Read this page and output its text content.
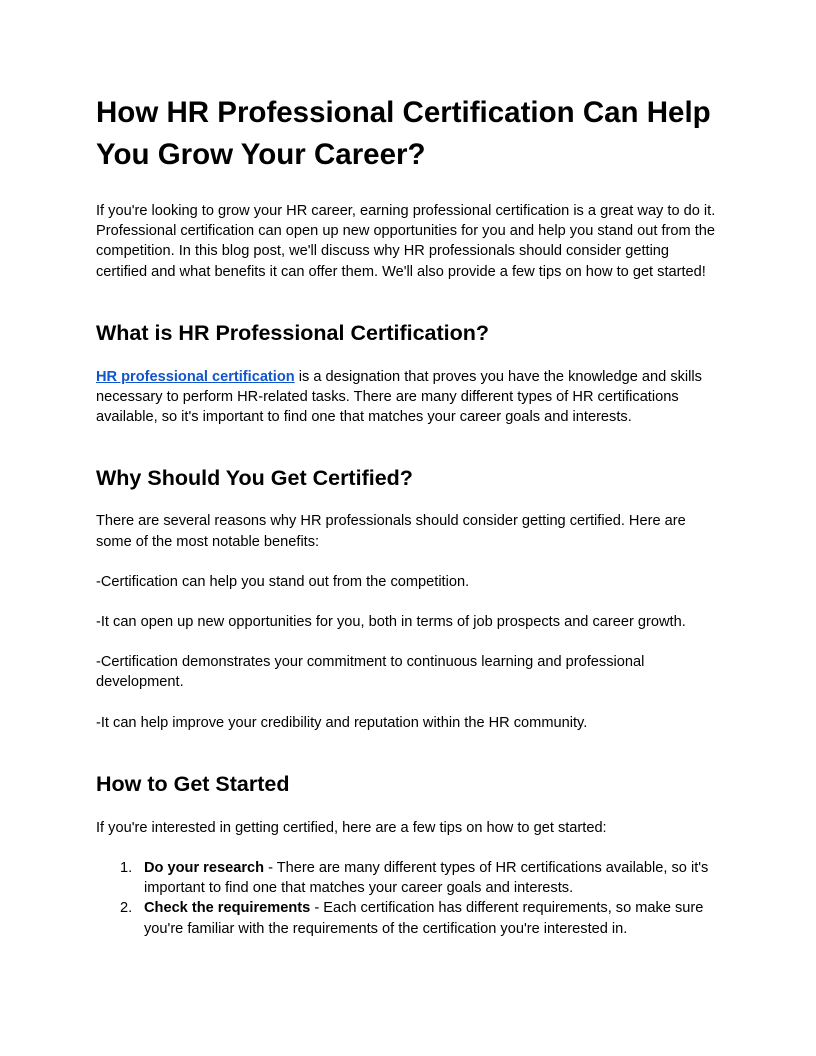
How HR Professional Certification Can Help You Grow Your Career?

If you're looking to grow your HR career, earning professional certification is a great way to do it. Professional certification can open up new opportunities for you and help you stand out from the competition. In this blog post, we'll discuss why HR professionals should consider getting certified and what benefits it can offer them. We'll also provide a few tips on how to get started!

What is HR Professional Certification?

HR professional certification is a designation that proves you have the knowledge and skills necessary to perform HR-related tasks. There are many different types of HR certifications available, so it's important to find one that matches your career goals and interests.

Why Should You Get Certified?

There are several reasons why HR professionals should consider getting certified. Here are some of the most notable benefits:

-Certification can help you stand out from the competition.

-It can open up new opportunities for you, both in terms of job prospects and career growth.

-Certification demonstrates your commitment to continuous learning and professional development.

-It can help improve your credibility and reputation within the HR community.

How to Get Started

If you're interested in getting certified, here are a few tips on how to get started:

1. Do your research - There are many different types of HR certifications available, so it's important to find one that matches your career goals and interests.
2. Check the requirements - Each certification has different requirements, so make sure you're familiar with the requirements of the certification you're interested in.
